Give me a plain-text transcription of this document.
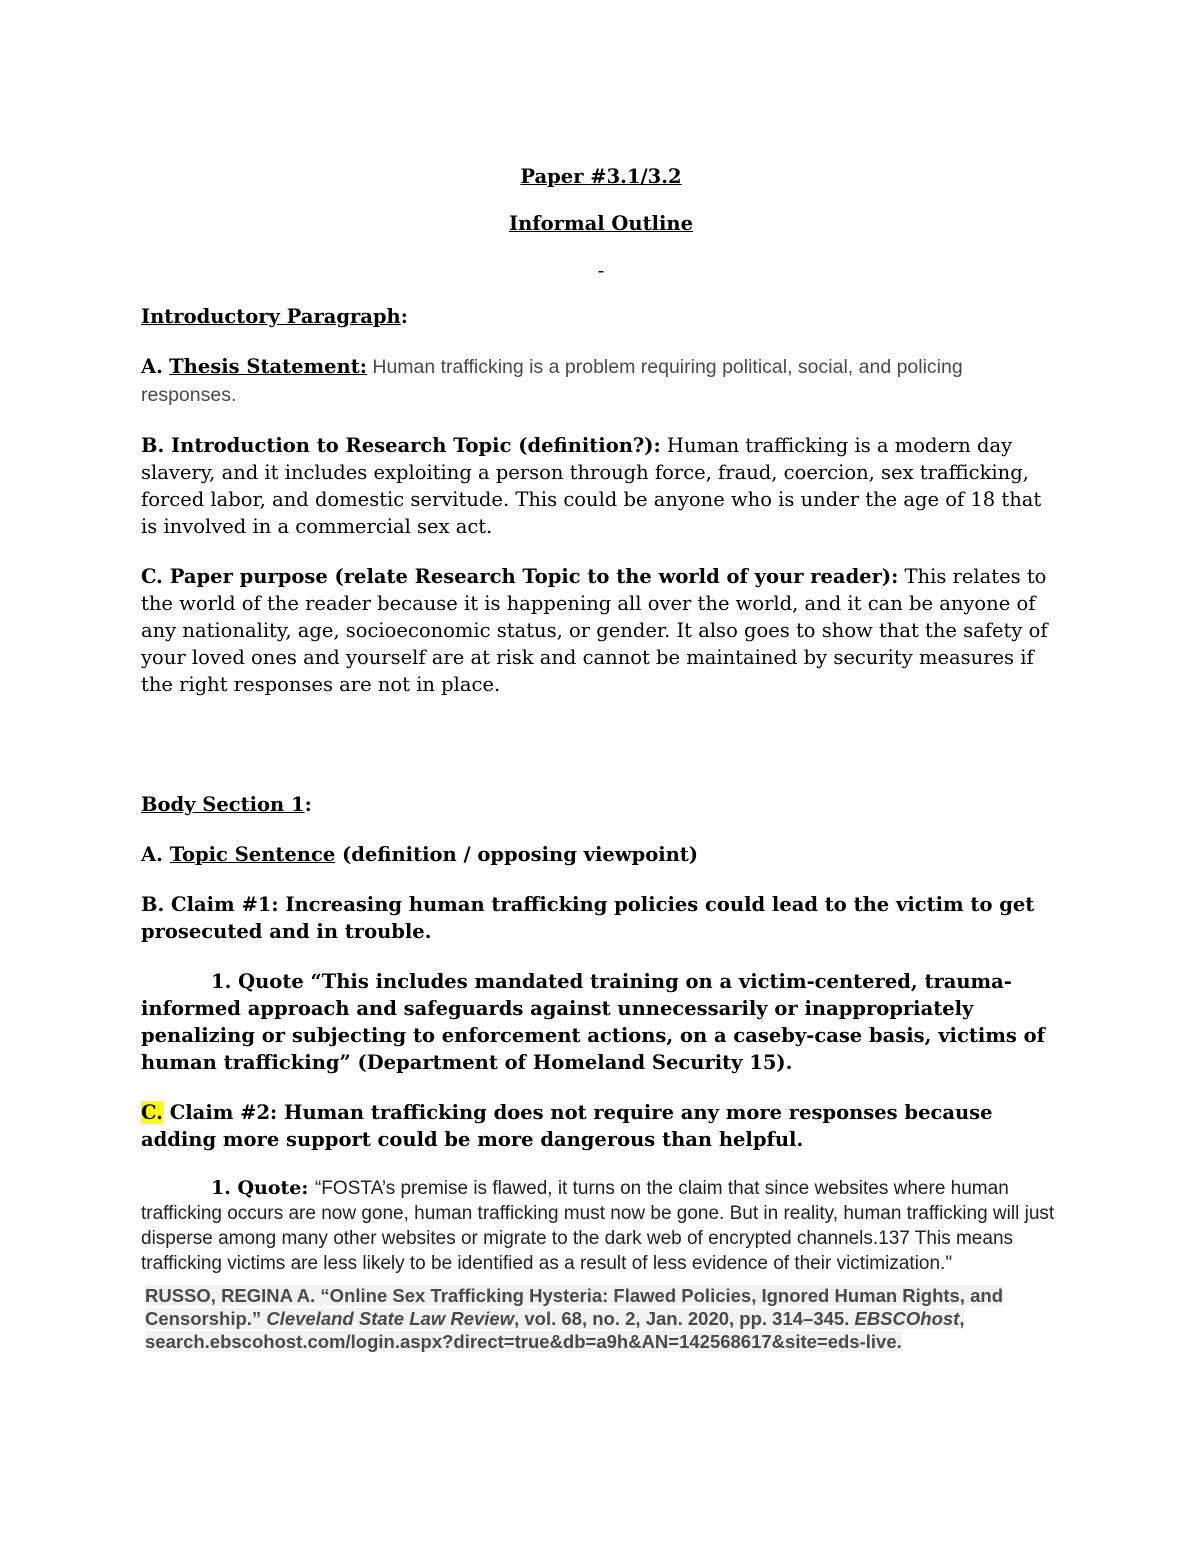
Paper #3.1/3.2
Informal Outline
-

Introductory Paragraph:

A. Thesis Statement: Human trafficking is a problem requiring political, social, and policing responses.

B. Introduction to Research Topic (definition?): Human trafficking is a modern day slavery, and it includes exploiting a person through force, fraud, coercion, sex trafficking, forced labor, and domestic servitude. This could be anyone who is under the age of 18 that is involved in a commercial sex act.

C. Paper purpose (relate Research Topic to the world of your reader): This relates to the world of the reader because it is happening all over the world, and it can be anyone of any nationality, age, socioeconomic status, or gender. It also goes to show that the safety of your loved ones and yourself are at risk and cannot be maintained by security measures if the right responses are not in place.

Body Section 1:

A. Topic Sentence (definition / opposing viewpoint)

B. Claim #1: Increasing human trafficking policies could lead to the victim to get prosecuted and in trouble.

1. Quote “This includes mandated training on a victim-centered, trauma-informed approach and safeguards against unnecessarily or inappropriately penalizing or subjecting to enforcement actions, on a caseby-case basis, victims of human trafficking” (Department of Homeland Security 15).

C. Claim #2: Human trafficking does not require any more responses because adding more support could be more dangerous than helpful.

1. Quote: “FOSTA’s premise is flawed, it turns on the claim that since websites where human trafficking occurs are now gone, human trafficking must now be gone. But in reality, human trafficking will just disperse among many other websites or migrate to the dark web of encrypted channels.137 This means trafficking victims are less likely to be identified as a result of less evidence of their victimization."
RUSSO, REGINA A. “Online Sex Trafficking Hysteria: Flawed Policies, Ignored Human Rights, and Censorship.” Cleveland State Law Review, vol. 68, no. 2, Jan. 2020, pp. 314–345. EBSCOhost, search.ebscohost.com/login.aspx?direct=true&db=a9h&AN=142568617&site=eds-live.
